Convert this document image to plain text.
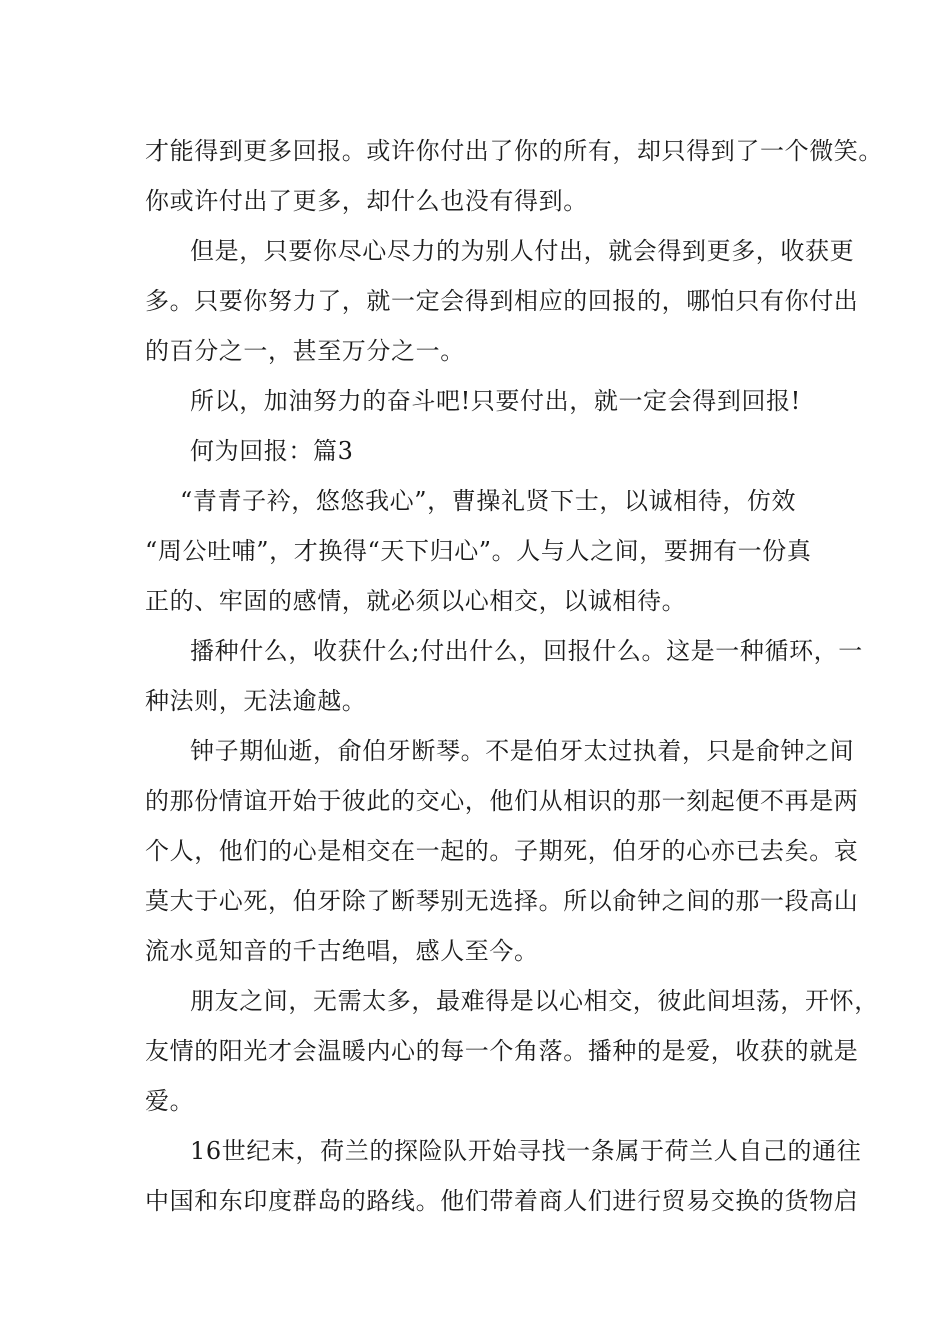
才能得到更多回报。或许你付出了你的所有，却只得到了一个微笑。
你或许付出了更多，却什么也没有得到。
但是，只要你尽心尽力的为别人付出，就会得到更多，收获更
多。只要你努力了，就一定会得到相应的回报的，哪怕只有你付出
的百分之一，甚至万分之一。
所以，加油努力的奋斗吧!只要付出，就一定会得到回报!
何为回报：篇3
“青青子衿，悠悠我心”，曹操礼贤下士，以诚相待，仿效
“周公吐哺”，才换得“天下归心”。人与人之间，要拥有一份真
正的、牢固的感情，就必须以心相交，以诚相待。
播种什么，收获什么;付出什么，回报什么。这是一种循环，一
种法则，无法逾越。
钟子期仙逝，俞伯牙断琴。不是伯牙太过执着，只是俞钟之间
的那份情谊开始于彼此的交心，他们从相识的那一刻起便不再是两
个人，他们的心是相交在一起的。子期死，伯牙的心亦已去矣。哀
莫大于心死，伯牙除了断琴别无选择。所以俞钟之间的那一段高山
流水觅知音的千古绝唱，感人至今。
朋友之间，无需太多，最难得是以心相交，彼此间坦荡，开怀，
友情的阳光才会温暖内心的每一个角落。播种的是爱，收获的就是
爱。
16世纪末，荷兰的探险队开始寻找一条属于荷兰人自己的通往
中国和东印度群岛的路线。他们带着商人们进行贸易交换的货物启
